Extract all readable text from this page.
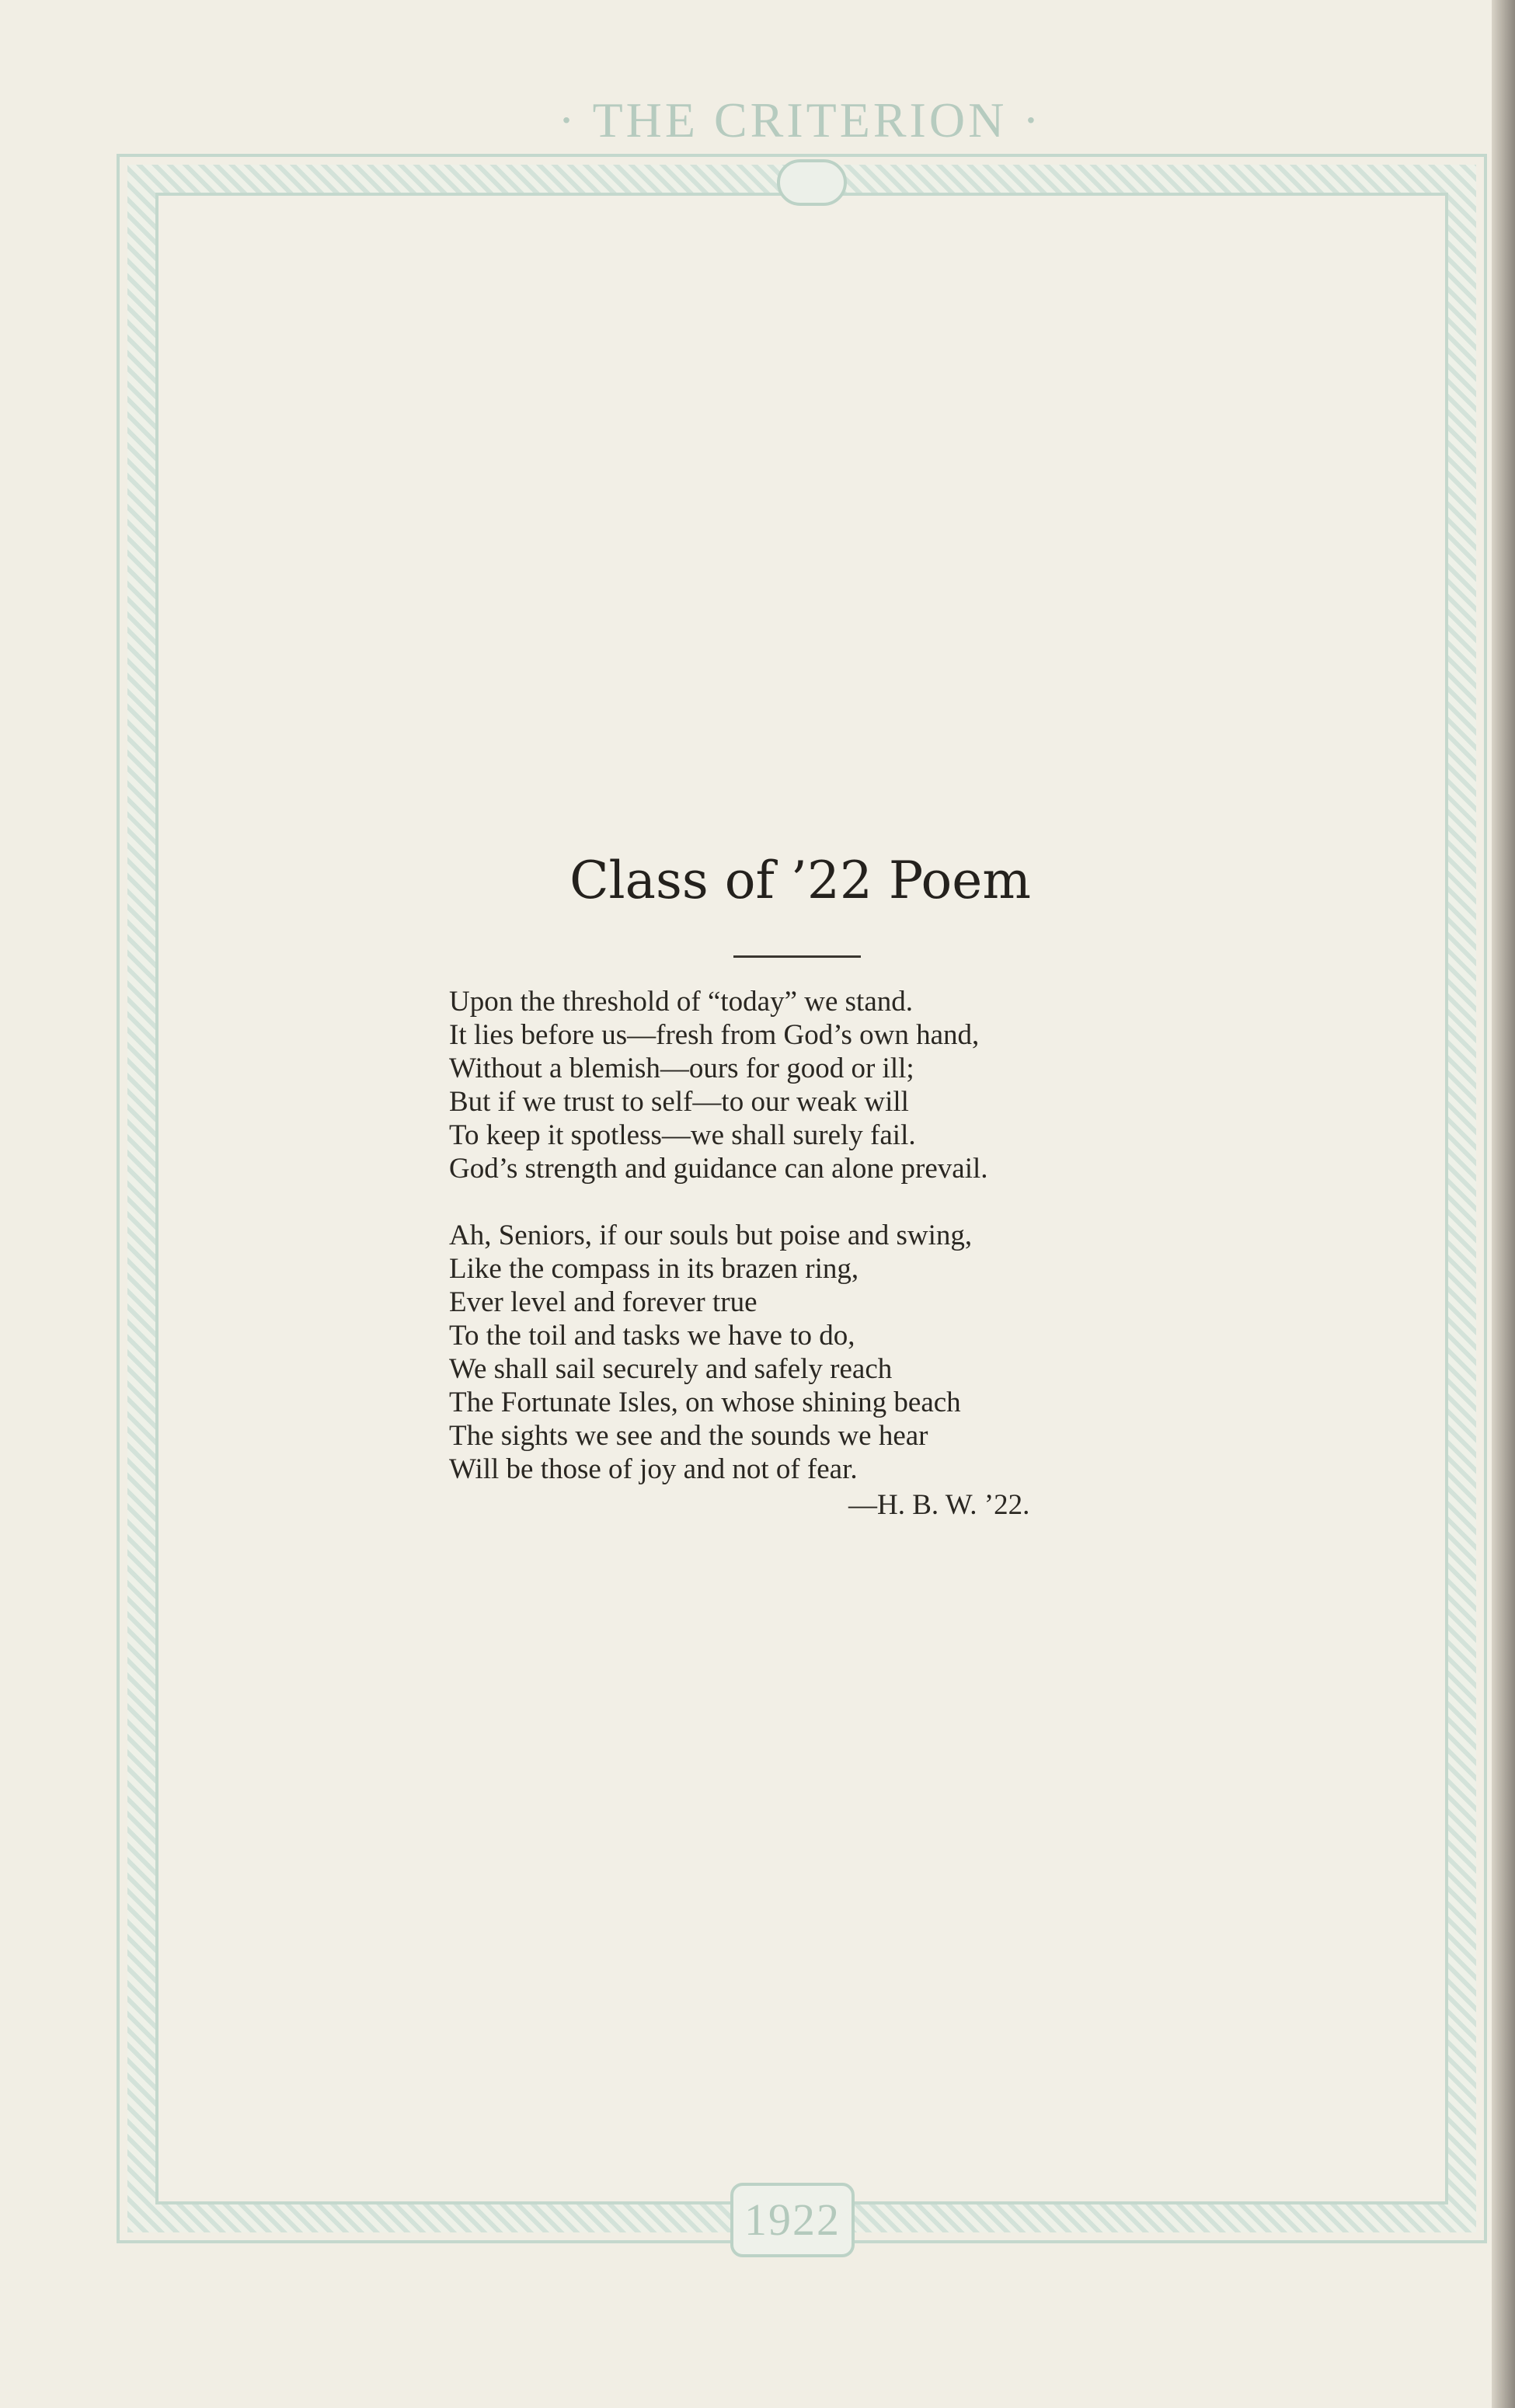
· THE CRITERION ·
Class of ’22 Poem

Upon the threshold of “today” we stand.
It lies before us—fresh from God’s own hand,
Without a blemish—ours for good or ill;
But if we trust to self—to our weak will
To keep it spotless—we shall surely fail.
God’s strength and guidance can alone prevail.

Ah, Seniors, if our souls but poise and swing,
Like the compass in its brazen ring,
Ever level and forever true
To the toil and tasks we have to do,
We shall sail securely and safely reach
The Fortunate Isles, on whose shining beach
The sights we see and the sounds we hear
Will be those of joy and not of fear.

—H. B. W. ’22.
1922
